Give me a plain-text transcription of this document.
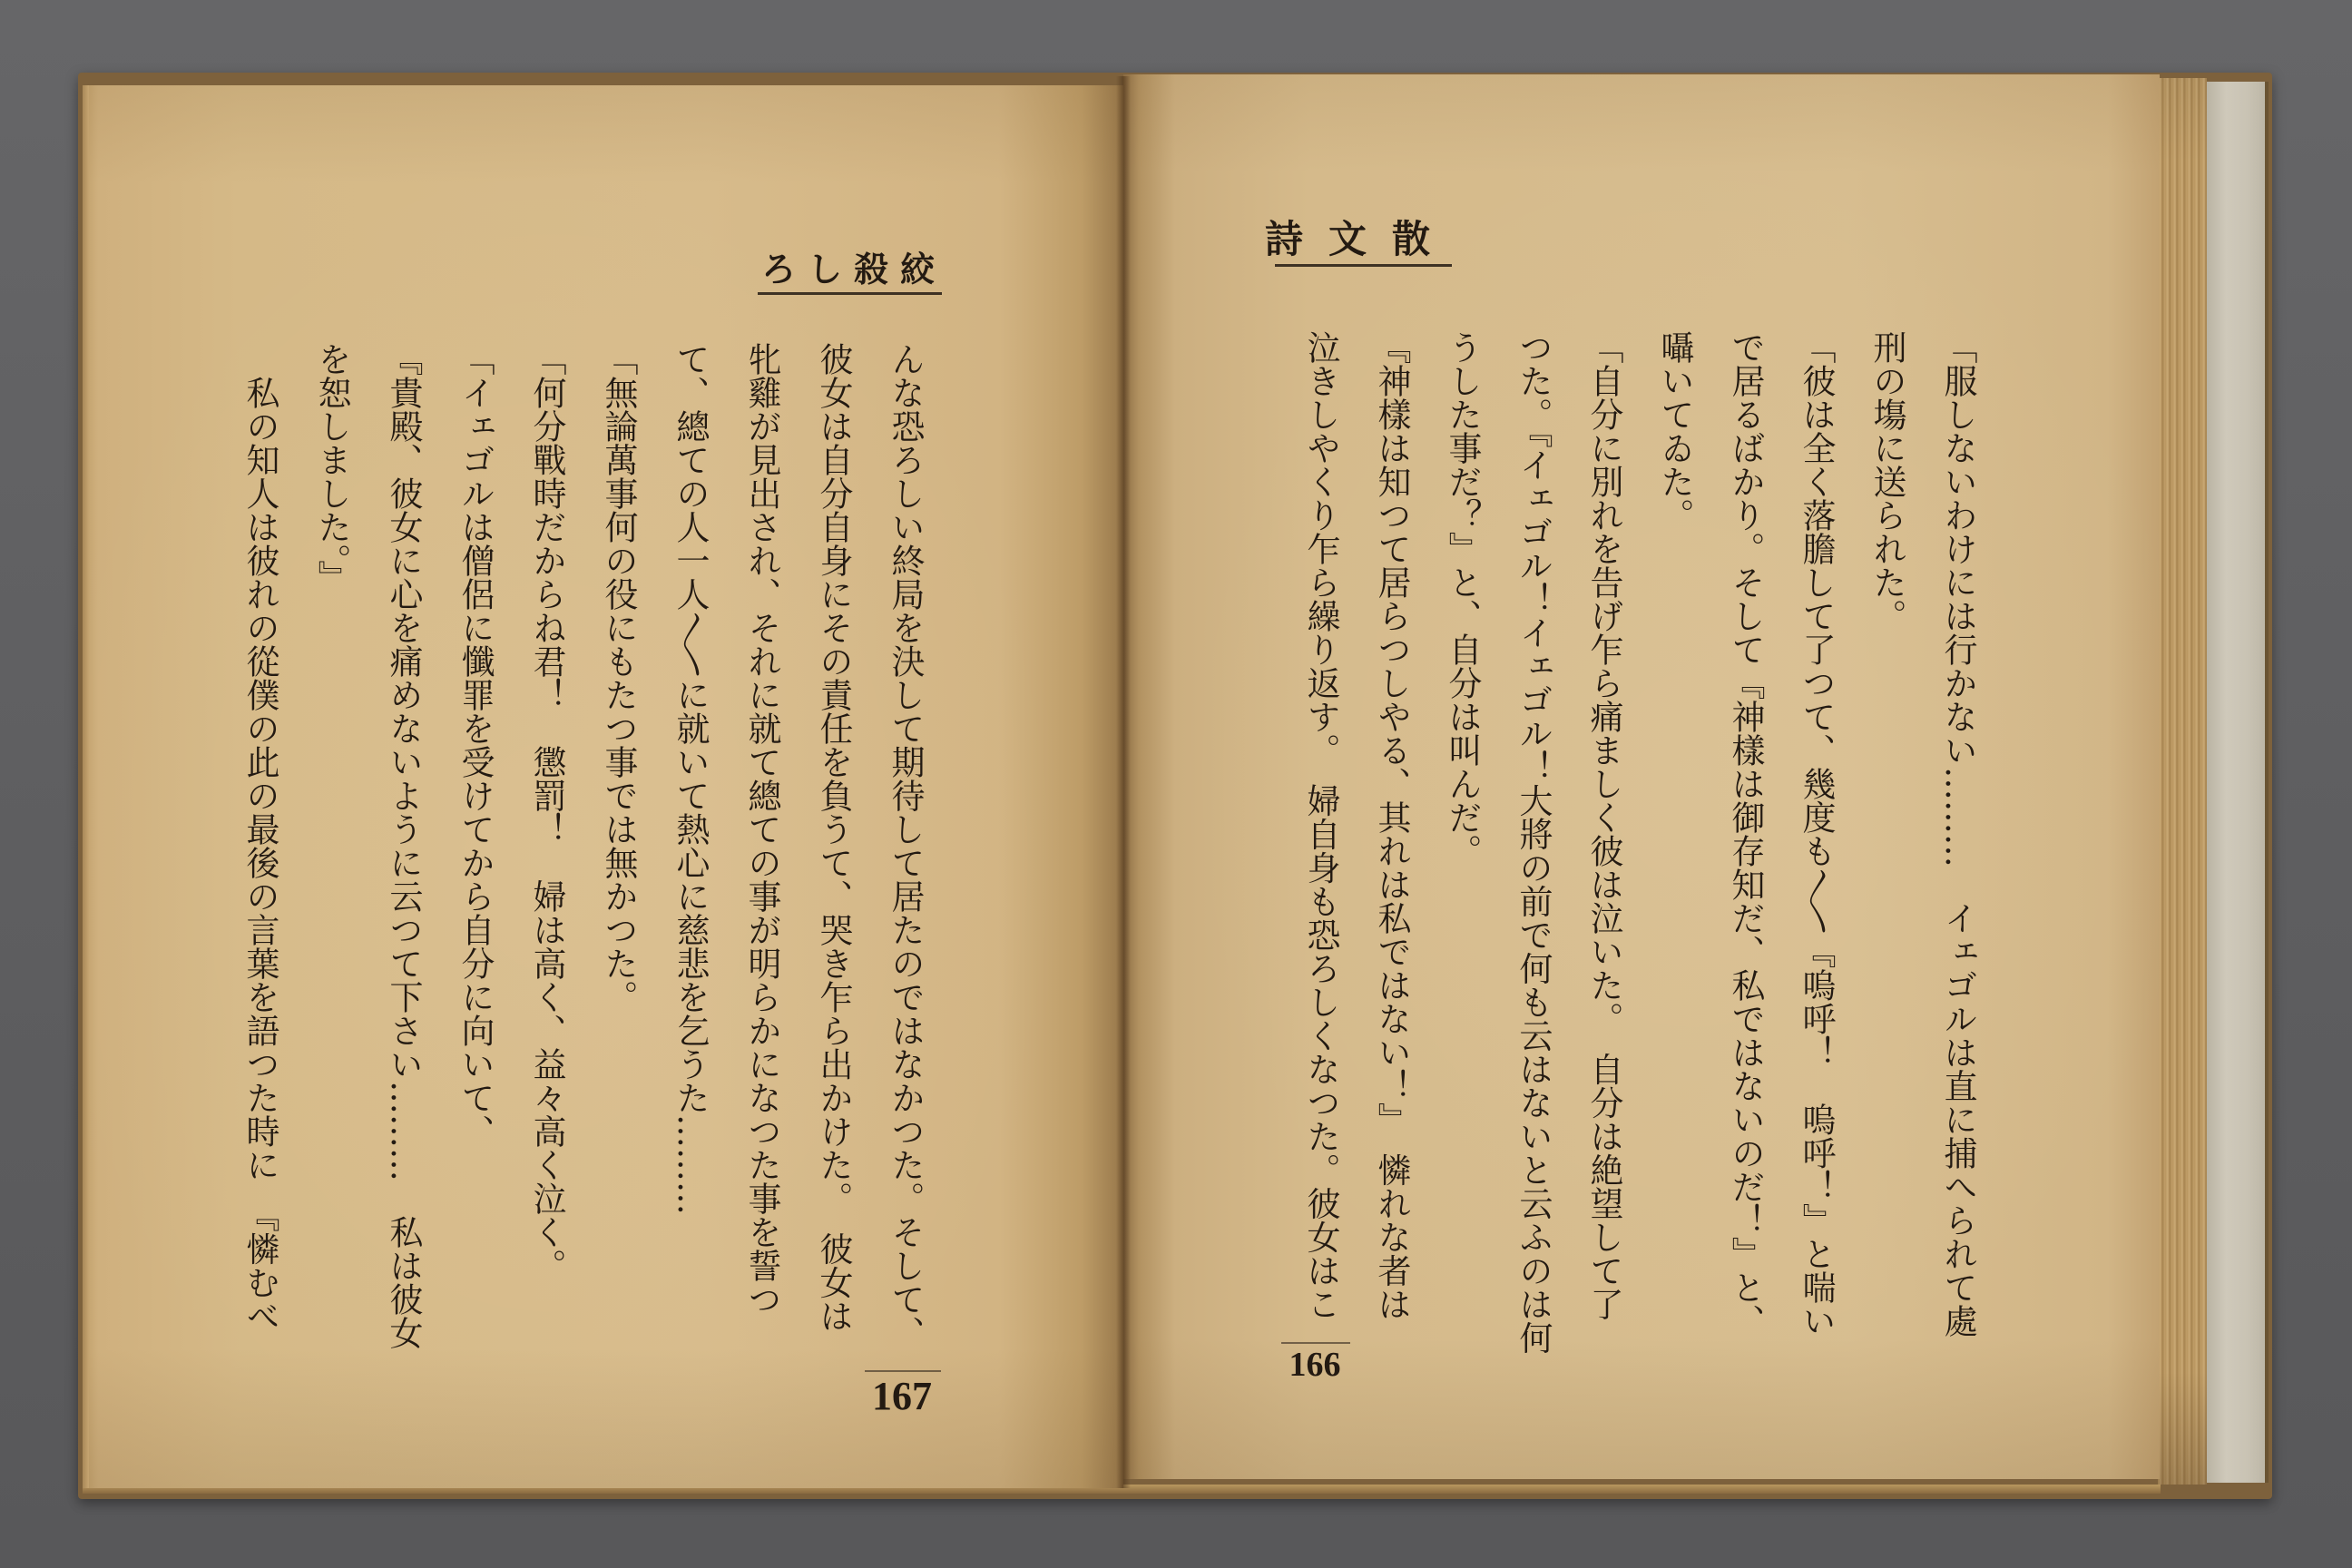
絞殺しろ
んな恐ろしい終局を決して期待して居たのではなかつた。そして、
彼女は自分自身にその責任を負うて、哭き乍ら出かけた。　彼女は
牝雞が見出され、それに就て總ての事が明らかになつた事を誓つ
て、總ての人一人〳〵に就いて熱心に慈悲を乞うた………
「無論萬事何の役にもたつ事では無かつた。
「何分戰時だからね君！　懲罰！　婦は高く、益々高く泣く。
「イェゴルは僧侶に懺罪を受けてから自分に向いて、
『貴殿、彼女に心を痛めないように云つて下さい………　私は彼女
を恕しました。』
　私の知人は彼れの從僕の此の最後の言葉を語つた時に　『憐むべ
167
散文詩
「服しないわけには行かない………　イェゴルは直に捕へられて處
刑の塲に送られた。
「彼は全く落膽して了つて、幾度も〳〵『嗚呼！　嗚呼！』と喘い
で居るばかり。そして『神樣は御存知だ、私ではないのだ！』と、
囁いてゐた。
「自分に別れを告げ乍ら痛ましく彼は泣いた。　自分は絶望して了
つた。『イェゴル！イェゴル！大將の前で何も云はないと云ふのは何
うした事だ？』と、自分は叫んだ。
『神樣は知つて居らつしやる、其れは私ではない！』　憐れな者は
泣きしやくり乍ら繰り返す。　婦自身も恐ろしくなつた。彼女はこ
166
